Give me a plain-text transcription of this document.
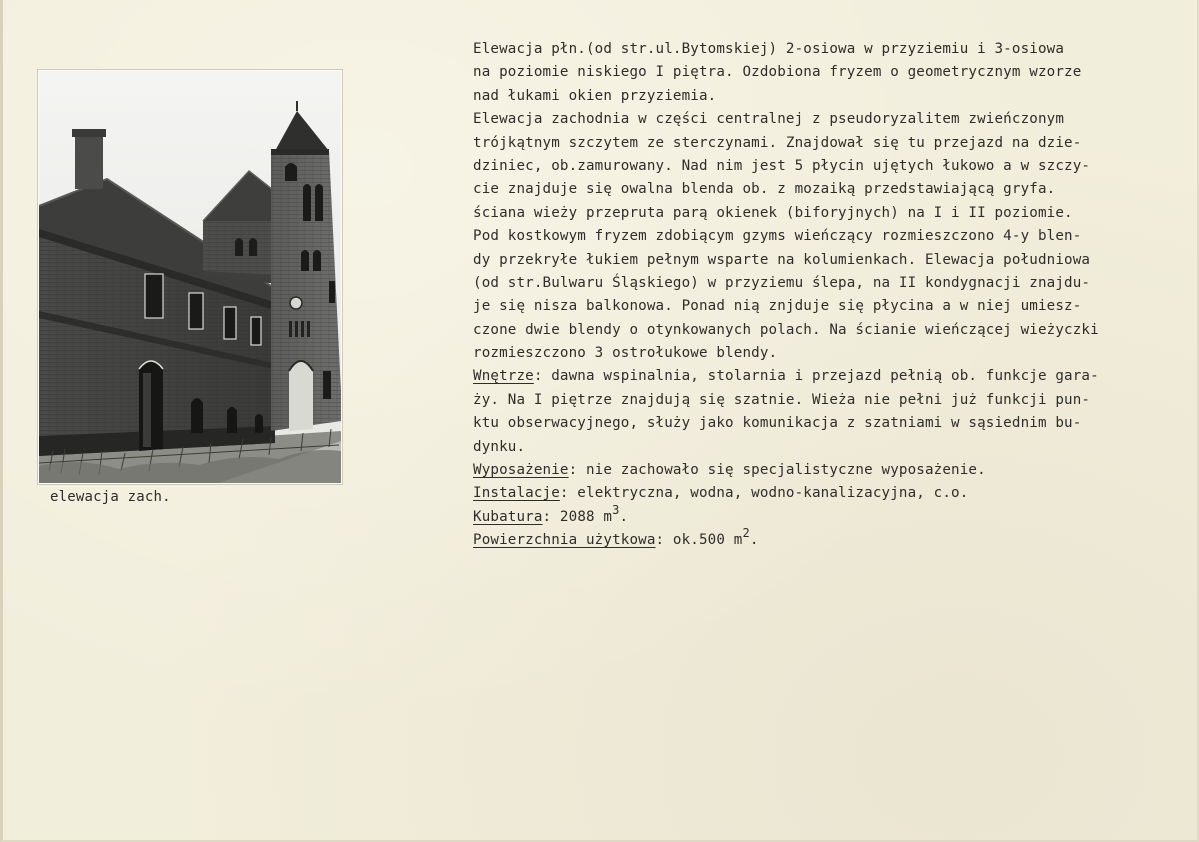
elewacja zach.
Elewacja płn.(od str.ul.Bytomskiej) 2-osiowa w przyziemiu i 3-osiowa
na poziomie niskiego I piętra. Ozdobiona fryzem o geometrycznym wzorze
nad łukami okien przyziemia.
Elewacja zachodnia w części centralnej z pseudoryzalitem zwieńczonym
trójkątnym szczytem ze sterczynami. Znajdował się tu przejazd na dzie-
dziniec, ob.zamurowany. Nad nim jest 5 płycin ujętych łukowo a w szczy-
cie znajduje się owalna blenda ob. z mozaiką przedstawiającą gryfa.
ściana wieży przepruta parą okienek (biforyjnych) na I i II poziomie.
Pod kostkowym fryzem zdobiącym gzyms wieńczący rozmieszczono 4-y blen-
dy przekryłe łukiem pełnym wsparte na kolumienkach. Elewacja południowa
(od str.Bulwaru Śląskiego) w przyziemu ślepa, na II kondygnacji znajdu-
je się nisza balkonowa. Ponad nią znjduje się płycina a w niej umiesz-
czone dwie blendy o otynkowanych polach. Na ścianie wieńczącej wieżyczki
rozmieszczono 3 ostrołukowe blendy.
Wnętrze: dawna wspinalnia, stolarnia i przejazd pełnią ob. funkcje gara-
ży. Na I piętrze znajdują się szatnie. Wieża nie pełni już funkcji pun-
ktu obserwacyjnego, służy jako komunikacja z szatniami w sąsiednim bu-
dynku.
Wyposażenie: nie zachowało się specjalistyczne wyposażenie.
Instalacje: elektryczna, wodna, wodno-kanalizacyjna, c.o.
Kubatura: 2088 $m^3$.
Powierzchnia użytkowa: ok.500 $m^2$.
